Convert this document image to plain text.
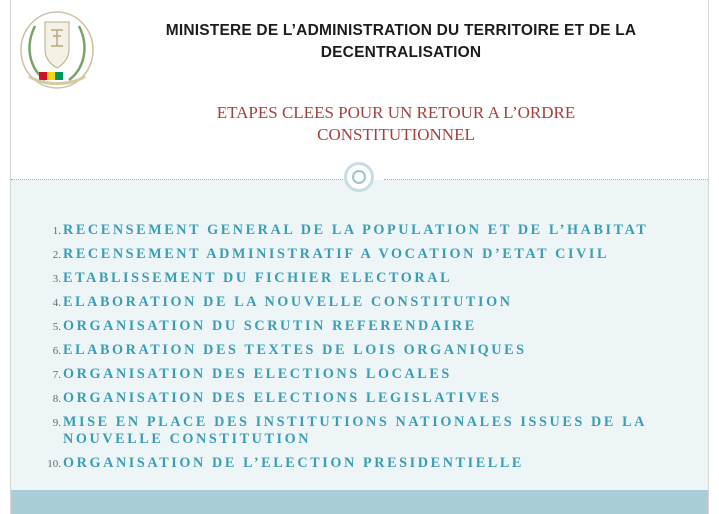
MINISTERE DE L’ADMINISTRATION DU TERRITOIRE ET DE LA DECENTRALISATION
ETAPES CLEES POUR UN RETOUR A L’ORDRE CONSTITUTIONNEL
1. RECENSEMENT GENERAL DE LA POPULATION ET DE L’HABITAT
2. RECENSEMENT ADMINISTRATIF A VOCATION D’ETAT CIVIL
3. ETABLISSEMENT DU FICHIER ELECTORAL
4. ELABORATION DE LA NOUVELLE CONSTITUTION
5. ORGANISATION DU SCRUTIN REFERENDAIRE
6. ELABORATION DES TEXTES DE LOIS ORGANIQUES
7. ORGANISATION DES ELECTIONS LOCALES
8. ORGANISATION DES ELECTIONS LEGISLATIVES
9. MISE EN PLACE DES INSTITUTIONS NATIONALES ISSUES DE LA NOUVELLE CONSTITUTION
10. ORGANISATION DE L’ELECTION PRESIDENTIELLE
